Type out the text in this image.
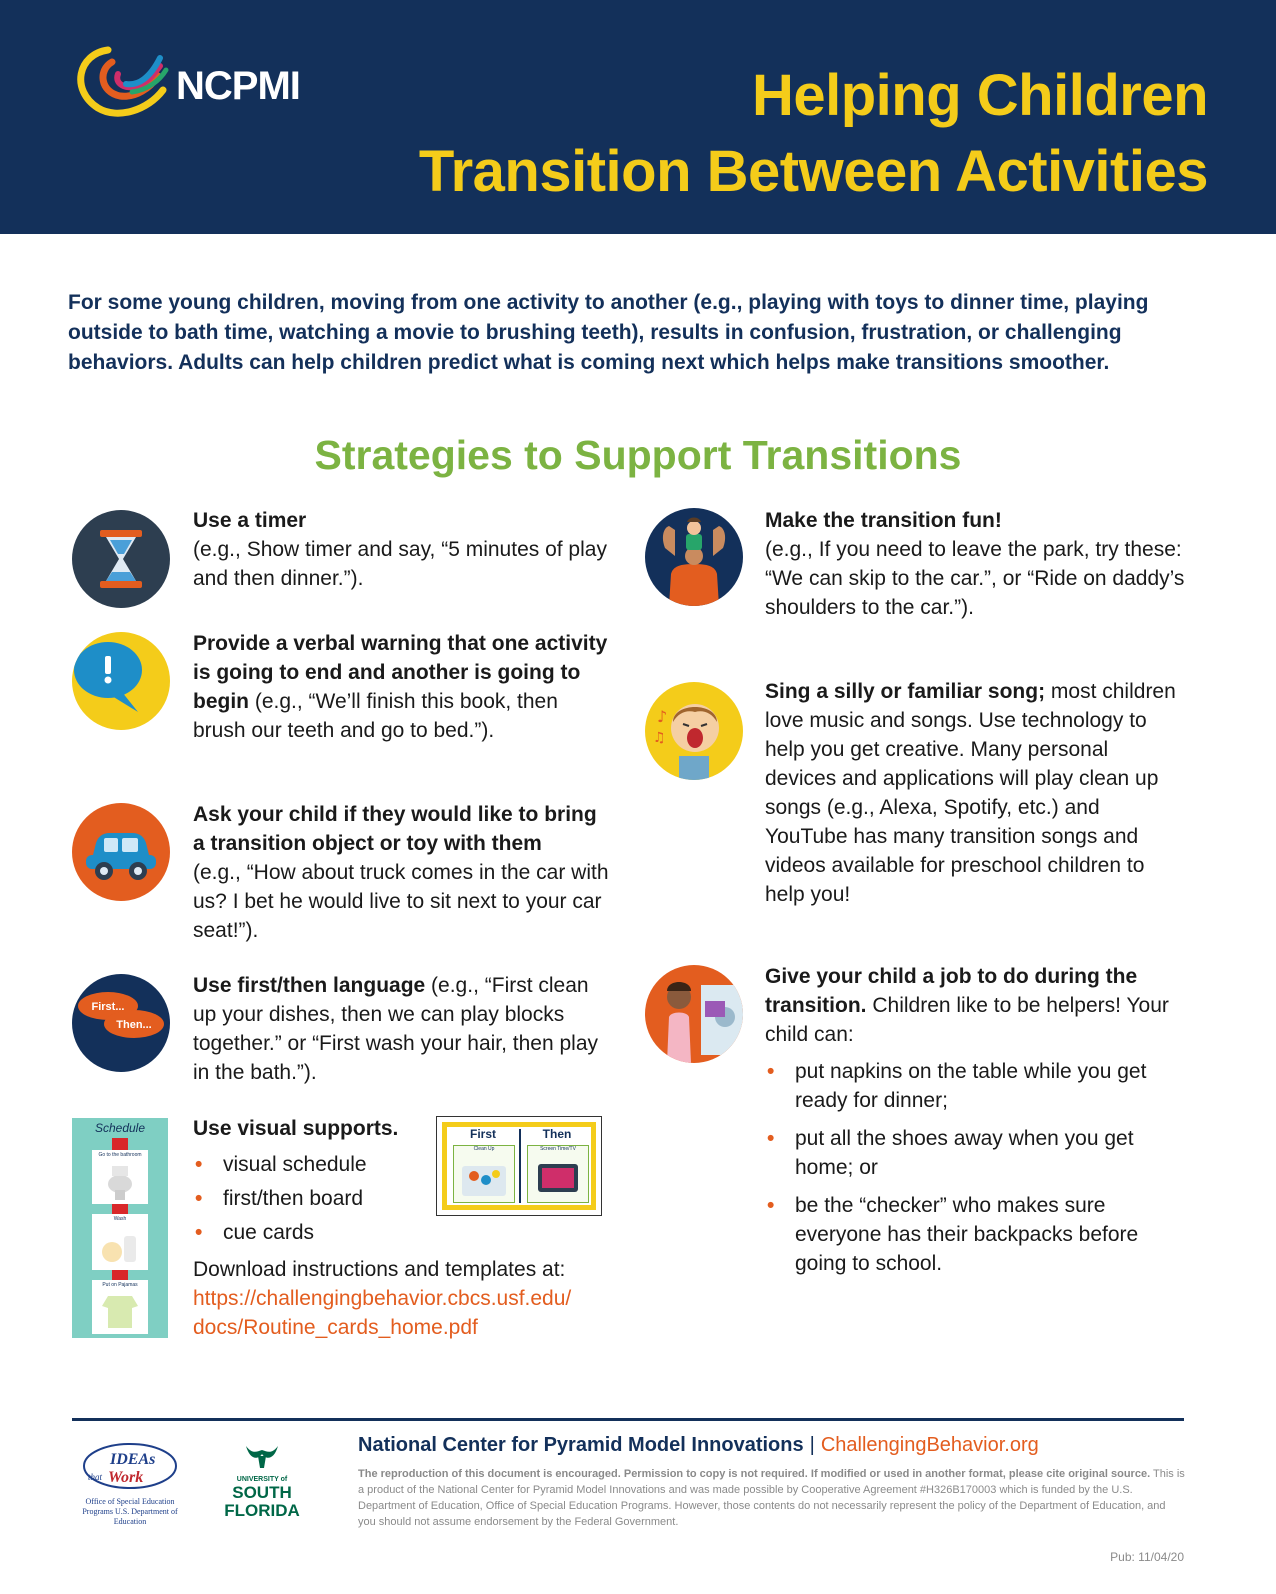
NCPMI	Helping Children
Transition Between Activities

For some young children, moving from one activity to another (e.g., playing with toys to dinner time, playing outside to bath time, watching a movie to brushing teeth), results in confusion, frustration, or challenging behaviors. Adults can help children predict what is coming next which helps make transitions smoother.

Strategies to Support Transitions
Use a timer
(e.g., Show timer and say, “5 minutes of play and then dinner.”).
Provide a verbal warning that one activity is going to end and another is going to begin (e.g., “We’ll finish this book, then brush our teeth and go to bed.”).
Ask your child if they would like to bring a transition object or toy with them
(e.g., “How about truck comes in the car with us? I bet he would live to sit next to your car seat!”).
First...
Then...
Use first/then language (e.g., “First clean up your dishes, then we can play blocks together.” or “First wash your hair, then play in the bath.”).
Schedule
Go to the bathroom
Wash
Put on Pajamas
Use visual supports.
• visual schedule
• first/then board
• cue cards
First	Then
Clean Up	Screen Time/TV
Download instructions and templates at:
https://challengingbehavior.cbcs.usf.edu/
docs/Routine_cards_home.pdf
Make the transition fun!
(e.g., If you need to leave the park, try these: “We can skip to the car.”, or “Ride on daddy’s shoulders to the car.”).
♪
♫
Sing a silly or familiar song; most children love music and songs. Use technology to help you get creative. Many personal devices and applications will play clean up songs (e.g., Alexa, Spotify, etc.) and YouTube has many transition songs and videos available for preschool children to help you!
Give your child a job to do during the transition. Children like to be helpers! Your child can:
• put napkins on the table while you get ready for dinner;
• put all the shoes away when you get home; or
• be the “checker” who makes sure everyone has their backpacks before going to school.
IDEAs
that Work
Office of Special Education Programs U.S. Department of Education
UNIVERSITY of
SOUTH
FLORIDA
National Center for Pyramid Model Innovations | ChallengingBehavior.org
The reproduction of this document is encouraged. Permission to copy is not required. If modified or used in another format, please cite original source. This is a product of the National Center for Pyramid Model Innovations and was made possible by Cooperative Agreement #H326B170003 which is funded by the U.S. Department of Education, Office of Special Education Programs. However, those contents do not necessarily represent the policy of the Department of Education, and you should not assume endorsement by the Federal Government.
Pub: 11/04/20
